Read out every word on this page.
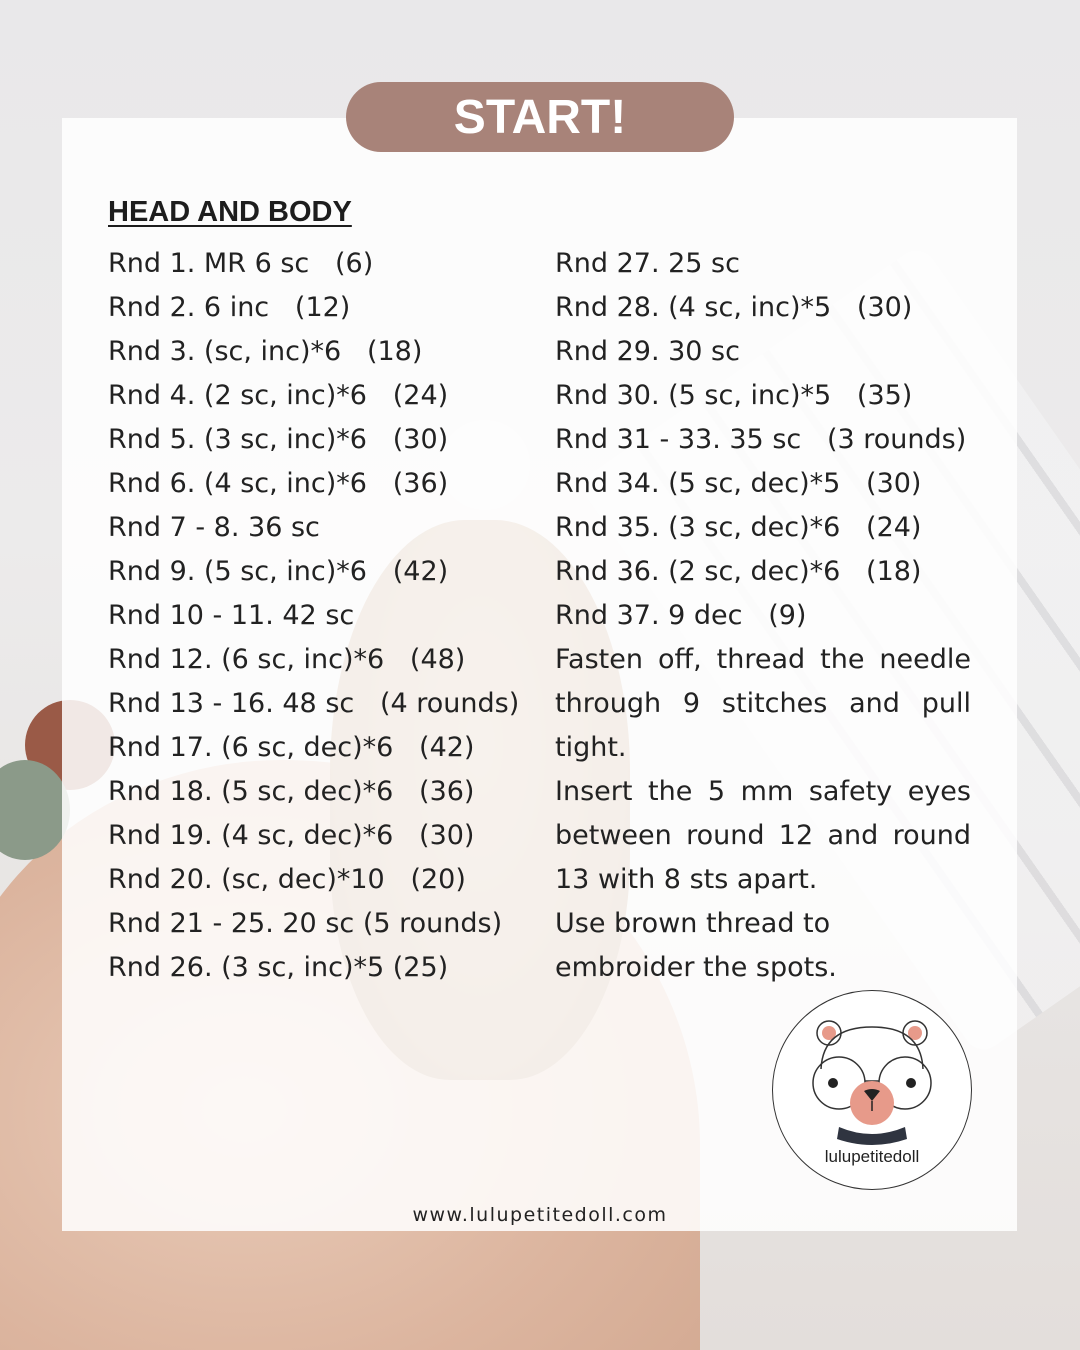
START!
HEAD AND BODY
Rnd 1. MR 6 sc   (6)
Rnd 2. 6 inc   (12)
Rnd 3. (sc, inc)*6   (18)
Rnd 4. (2 sc, inc)*6   (24)
Rnd 5. (3 sc, inc)*6   (30)
Rnd 6. (4 sc, inc)*6   (36)
Rnd 7 - 8. 36 sc
Rnd 9. (5 sc, inc)*6   (42)
Rnd 10 - 11. 42 sc
Rnd 12. (6 sc, inc)*6   (48)
Rnd 13 - 16. 48 sc   (4 rounds)
Rnd 17. (6 sc, dec)*6   (42)
Rnd 18. (5 sc, dec)*6   (36)
Rnd 19. (4 sc, dec)*6   (30)
Rnd 20. (sc, dec)*10   (20)
Rnd 21 - 25. 20 sc (5 rounds)
Rnd 26. (3 sc, inc)*5 (25)
Rnd 27. 25 sc
Rnd 28. (4 sc, inc)*5   (30)
Rnd 29. 30 sc
Rnd 30. (5 sc, inc)*5   (35)
Rnd 31 - 33. 35 sc   (3 rounds)
Rnd 34. (5 sc, dec)*5   (30)
Rnd 35. (3 sc, dec)*6   (24)
Rnd 36. (2 sc, dec)*6   (18)
Rnd 37. 9 dec   (9)

Fasten off, thread the needle through 9 stitches and pull tight.

Insert the 5 mm safety eyes between round 12 and round 13 with 8 sts apart.

Use brown thread to embroider the spots.

lulupetitedoll
www.lulupetitedoll.com
